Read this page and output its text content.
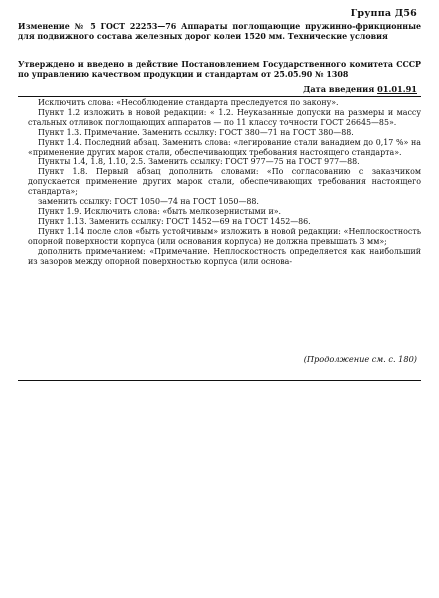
Группа Д56

Изменение № 5 ГОСТ 22253—76 Аппараты поглощающие пружинно-фрикционные для подвижного состава железных дорог колеи 1520 мм. Технические условия

Утверждено и введено в действие Постановлением Государственного комитета СССР по управлению качеством продукции и стандартам от 25.05.90 № 1308

Дата введения 01.01.91

Исключить слова: «Несоблюдение стандарта преследуется по закону».

Пункт 1.2 изложить в новой редакции: « 1.2. Неуказанные допуски на размеры и массу стальных отливок поглощающих аппаратов — по 11 классу точности ГОСТ 26645—85».

Пункт 1.3. Примечание. Заменить ссылку: ГОСТ 380—71 на ГОСТ 380—88.

Пункт 1.4. Последний абзац. Заменить слова: «легирование стали ванадием до 0,17 %» на «применение других марок стали, обеспечивающих требования настоящего стандарта».

Пункты 1.4, 1.8, 1.10, 2.5. Заменить ссылку: ГОСТ 977—75 на ГОСТ 977—88.

Пункт 1.8. Первый абзац дополнить словами: «По согласованию с заказчиком допускается применение других марок стали, обеспечивающих требования настоящего стандарта»;

заменить ссылку: ГОСТ 1050—74 на ГОСТ 1050—88.

Пункт 1.9. Исключить слова: «быть мелкозернистыми и».

Пункт 1.13. Заменить ссылку: ГОСТ 1452—69 на ГОСТ 1452—86.

Пункт 1.14 после слов «быть устойчивым» изложить в новой редакции: «Неплоскостность опорной поверхности корпуса (или основания корпуса) не должна превышать 3 мм»;

дополнить примечанием: «Примечание. Неплоскостность определяется как наибольший из зазоров между опорной поверхностью корпуса (или основа-

(Продолжение см. с. 180)
